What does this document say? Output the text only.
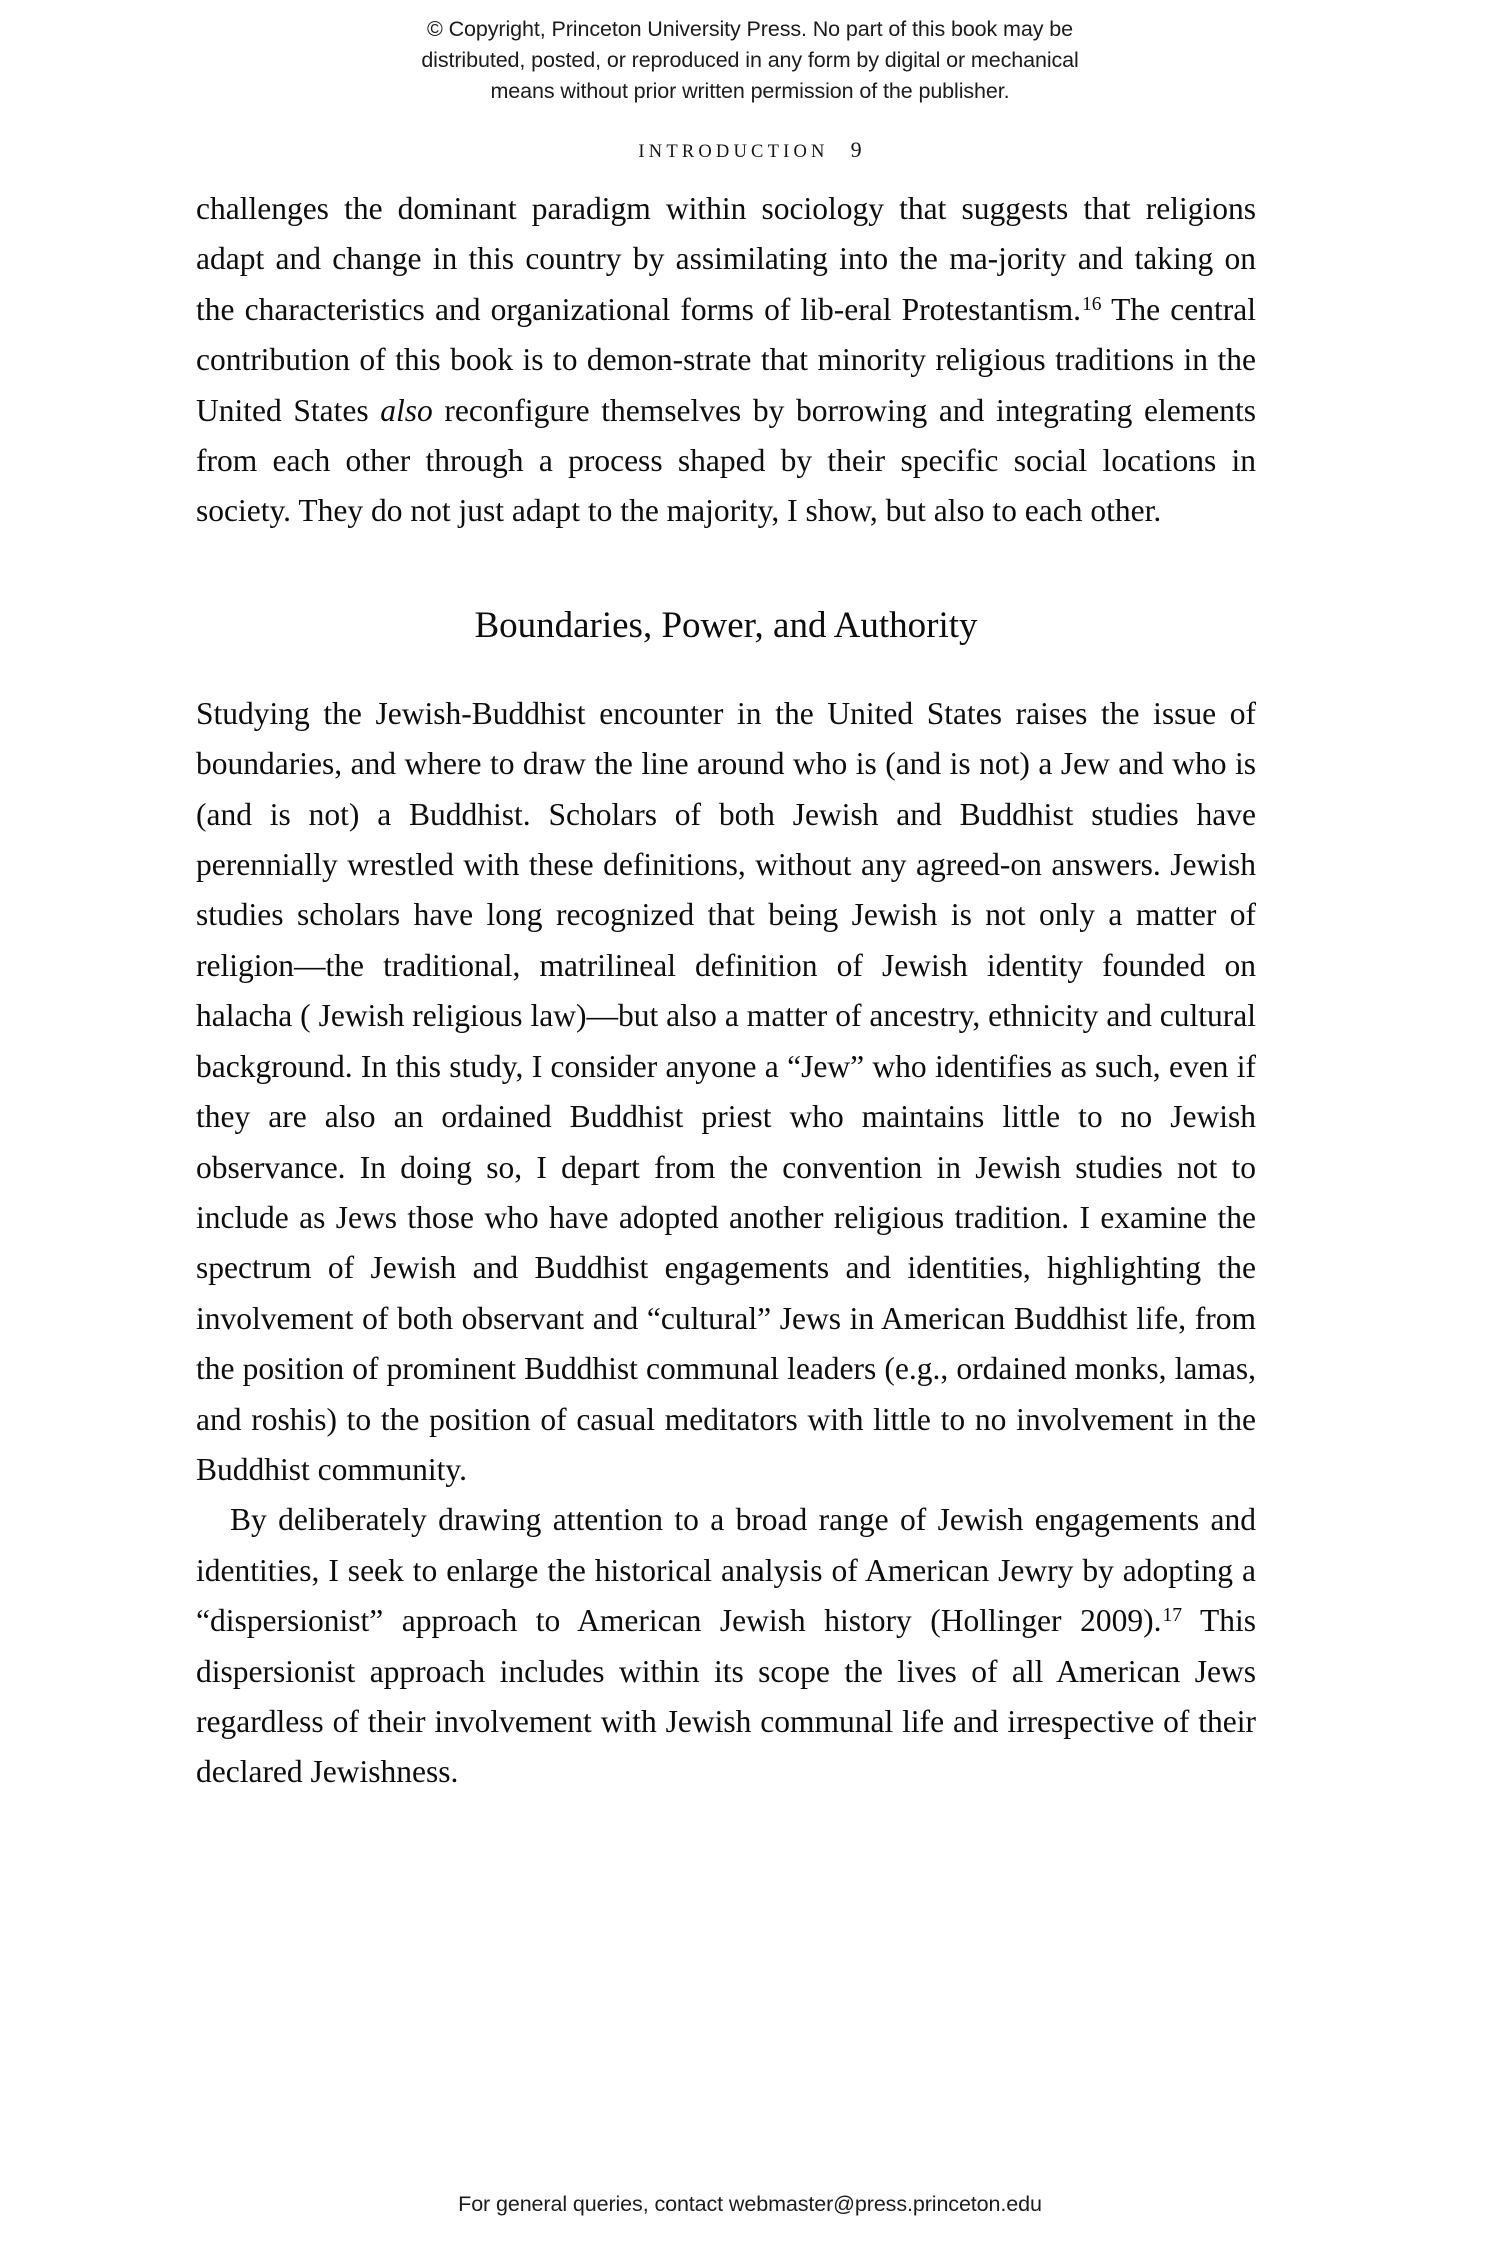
© Copyright, Princeton University Press. No part of this book may be
distributed, posted, or reproduced in any form by digital or mechanical
means without prior written permission of the publisher.
INTRODUCTION 9

challenges the dominant paradigm within sociology that suggests that religions adapt and change in this country by assimilating into the ma-jority and taking on the characteristics and organizational forms of lib-eral Protestantism.$^{16}$ The central contribution of this book is to demon-strate that minority religious traditions in the United States also reconfigure themselves by borrowing and integrating elements from each other through a process shaped by their specific social locations in society. They do not just adapt to the majority, I show, but also to each other.

Boundaries, Power, and Authority

Studying the Jewish-Buddhist encounter in the United States raises the issue of boundaries, and where to draw the line around who is (and is not) a Jew and who is (and is not) a Buddhist. Scholars of both Jewish and Buddhist studies have perennially wrestled with these definitions, without any agreed-on answers. Jewish studies scholars have long recognized that being Jewish is not only a matter of religion—the traditional, matrilineal definition of Jewish identity founded on halacha ( Jewish religious law)—but also a matter of ancestry, ethnicity and cultural background. In this study, I consider anyone a “Jew” who identifies as such, even if they are also an ordained Buddhist priest who maintains little to no Jewish observance. In doing so, I depart from the convention in Jewish studies not to include as Jews those who have adopted another religious tradition. I examine the spectrum of Jewish and Buddhist engagements and identities, highlighting the involvement of both observant and “cultural” Jews in American Buddhist life, from the position of prominent Buddhist communal leaders (e.g., ordained monks, lamas, and roshis) to the position of casual meditators with little to no involvement in the Buddhist community.

By deliberately drawing attention to a broad range of Jewish engagements and identities, I seek to enlarge the historical analysis of American Jewry by adopting a “dispersionist” approach to American Jewish history (Hollinger 2009).$^{17}$ This dispersionist approach includes within its scope the lives of all American Jews regardless of their involvement with Jewish communal life and irrespective of their declared Jewishness.

For general queries, contact webmaster@press.princeton.edu
